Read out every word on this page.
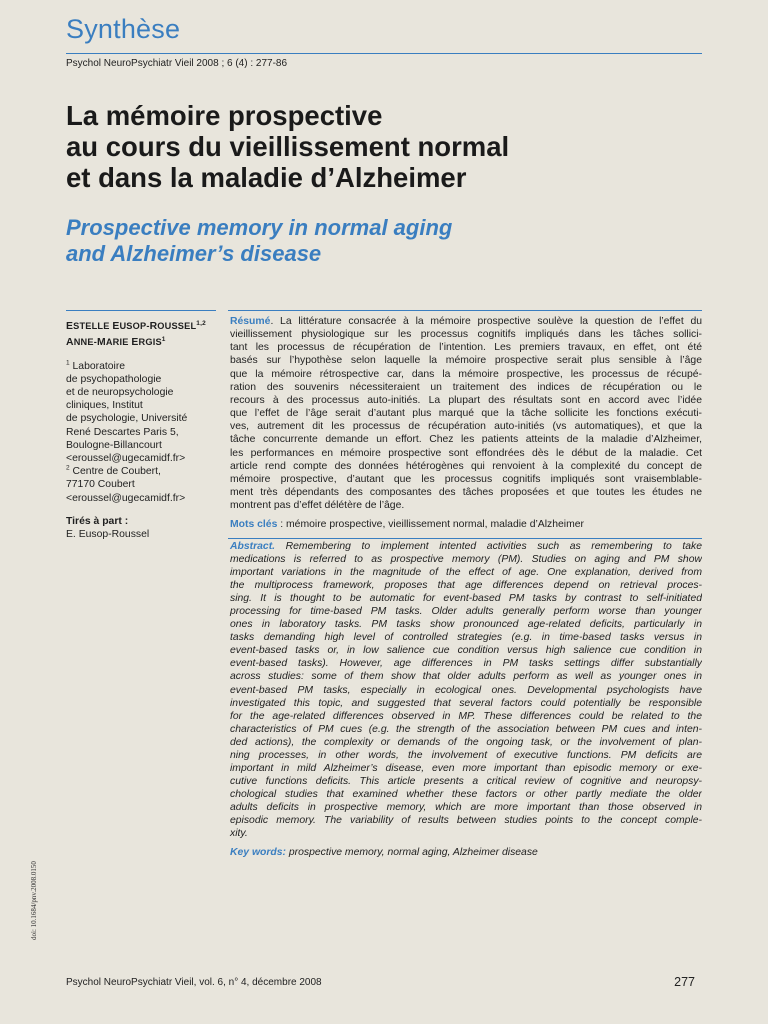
Synthèse
Psychol NeuroPsychiatr Vieil 2008 ; 6 (4) : 277-86
La mémoire prospective
au cours du vieillissement normal
et dans la maladie d’Alzheimer
Prospective memory in normal aging
and Alzheimer’s disease
ESTELLE EUSOP-ROUSSEL$^{1,2}$
ANNE-MARIE ERGIS$^1$
$^1$ Laboratoire
de psychopathologie
et de neuropsychologie
cliniques, Institut
de psychologie, Université
René Descartes Paris 5,
Boulogne-Billancourt
<eroussel@ugecamidf.fr>
$^2$ Centre de Coubert,
77170 Coubert
<eroussel@ugecamidf.fr>
Tirés à part :
E. Eusop-Roussel
Résumé. La littérature consacrée à la mémoire prospective soulève la question de l’effet du
vieillissement physiologique sur les processus cognitifs impliqués dans les tâches sollici-
tant les processus de récupération de l’intention. Les premiers travaux, en effet, ont été
basés sur l’hypothèse selon laquelle la mémoire prospective serait plus sensible à l’âge
que la mémoire rétrospective car, dans la mémoire prospective, les processus de récupé-
ration des souvenirs nécessiteraient un traitement des indices de récupération ou le
recours à des processus auto-initiés. La plupart des résultats sont en accord avec l’idée
que l’effet de l’âge serait d’autant plus marqué que la tâche sollicite les fonctions exécuti-
ves, autrement dit les processus de récupération auto-initiés (vs automatiques), et que la
tâche concurrente demande un effort. Chez les patients atteints de la maladie d’Alzheimer,
les performances en mémoire prospective sont effondrées dès le début de la maladie. Cet
article rend compte des données hétérogènes qui renvoient à la complexité du concept de
mémoire prospective, d’autant que les processus cognitifs impliqués sont vraisemblable-
ment très dépendants des composantes des tâches proposées et que toutes les études ne
montrent pas d’effet délétère de l’âge.
Mots clés : mémoire prospective, vieillissement normal, maladie d’Alzheimer
Abstract. Remembering to implement intented activities such as remembering to take
medications is referred to as prospective memory (PM). Studies on aging and PM show
important variations in the magnitude of the effect of age. One explanation, derived from
the multiprocess framework, proposes that age differences depend on retrieval proces-
sing. It is thought to be automatic for event-based PM tasks by contrast to self-initiated
processing for time-based PM tasks. Older adults generally perform worse than younger
ones in laboratory tasks. PM tasks show pronounced age-related deficits, particularly in
tasks demanding high level of controlled strategies (e.g. in time-based tasks versus in
event-based tasks or, in low salience cue condition versus high salience cue condition in
event-based tasks). However, age differences in PM tasks settings differ substantially
across studies: some of them show that older adults perform as well as younger ones in
event-based PM tasks, especially in ecological ones. Developmental psychologists have
investigated this topic, and suggested that several factors could potentially be responsible
for the age-related differences observed in MP. These differences could be related to the
characteristics of PM cues (e.g. the strength of the association between PM cues and inten-
ded actions), the complexity or demands of the ongoing task, or the involvement of plan-
ning processes, in other words, the involvement of executive functions. PM deficits are
important in mild Alzheimer’s disease, even more important than episodic memory or exe-
cutive functions deficits. This article presents a critical review of cognitive and neuropsy-
chological studies that examined whether these factors or other partly mediate the older
adults deficits in prospective memory, which are more important than those observed in
episodic memory. The variability of results between studies points to the concept comple-
xity.
Key words: prospective memory, normal aging, Alzheimer disease
doi: 10.1684/pnv.2008.0150
Psychol NeuroPsychiatr Vieil, vol. 6, n° 4, décembre 2008	277
